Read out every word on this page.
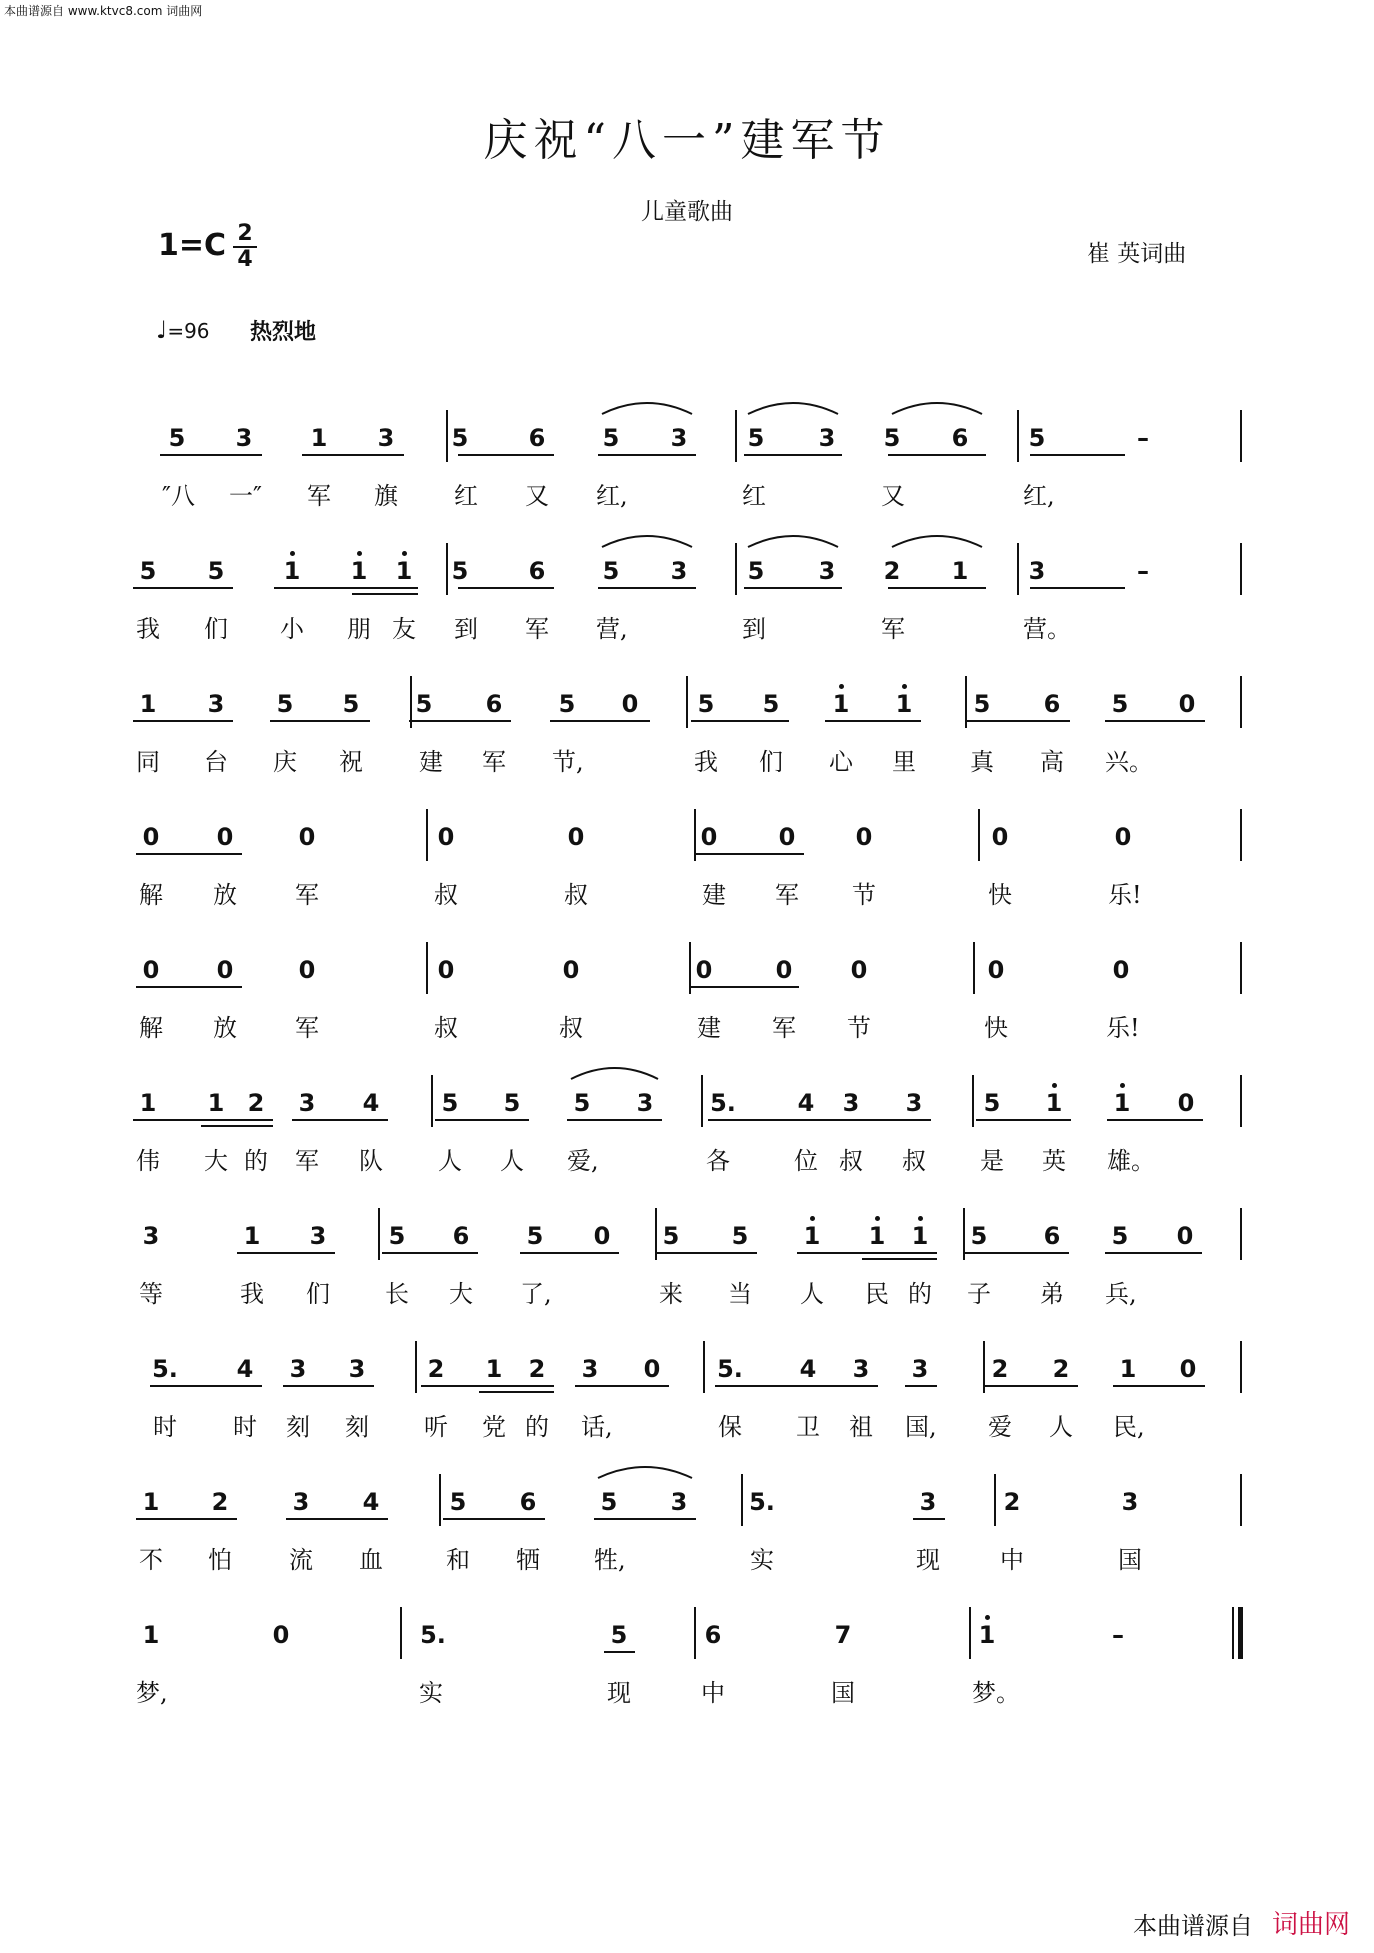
本曲谱源自 www.ktvc8.com 词曲网
庆祝“八一”建军节
儿童歌曲
1=C 2
4	崔 英词曲
♩=96 热烈地
5 3 1 3 5	6 5 3	5 3 5 6	5	–
″八 一″ 军 旗 红 又 红,	红	又	红,
5 5 1 1 1 5	6 5 3	5 3 2 1	3	–
我 们 小 朋 友 到 军 营,	到	军	营。
1 3 5 5 5 6 5 0 5 5 1 1	5 6 5 0
同 台 庆 祝 建 军 节,	我 们 心 里 真 高 兴。
0 0	0	0	0	0	0	0	0	0
解 放 军	叔	叔	建 军 节	快	乐!
0 0	0	0	0	0	0 0	0	0
解 放 军	叔	叔	建 军 节	快	乐!
1 1 2 3 4	5 5 5 3 5.	4 3 3	5 1 1 0
伟 大 的 军 队 人 人 爱,	各	位 叔 叔 是 英 雄。
3	1 3	5 6 5 0 5 5 1 1 1 5 6 5 0
等	我 们 长 大 了,	来 当 人 民 的 子 弟 兵,
5. 4 3 3	2 1 2 3 0 5. 4 3 3	2 2 1 0
时 时 刻 刻 听 党 的 话,	保 卫 祖 国, 爱 人 民,
1 2	3 4	5 6	5 3	5.	3	2	3
不 怕 流 血	和 牺 牲,	实	现	中	国
1	0	5.	5	6	7	1	–
梦,	实	现	中	国	梦。
本曲谱源自 词曲网
